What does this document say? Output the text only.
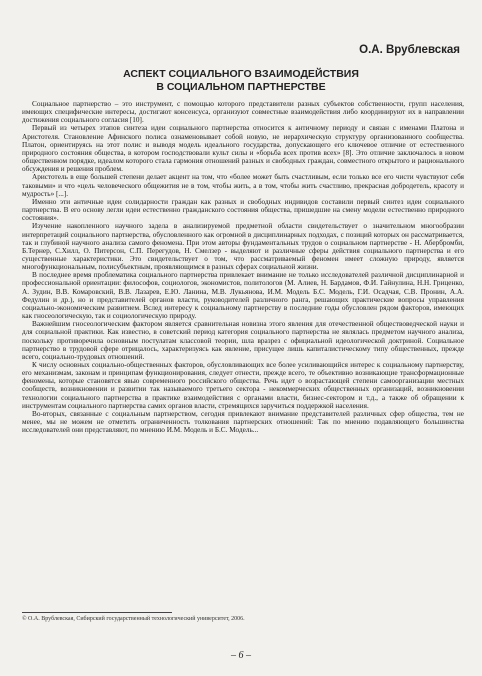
О.А. Врублевская
АСПЕКТ СОЦИАЛЬНОГО ВЗАИМОДЕЙСТВИЯ
В СОЦИАЛЬНОМ ПАРТНЕРСТВЕ

Социальное партнерство – это инструмент, с помощью которого представители разных субъектов собственности, групп населения, имеющих специфические интересы, достигают консенсуса, организуют совместные взаимодействия либо координируют их в направлении достижения социального согласия [10].

Первый из четырех этапов синтеза идеи социального партнерства относится к античному периоду и связан с именами Платона и Аристотеля. Становление Афинского полиса ознаменовывает собой новую, не иерархическую структуру организованного сообщества. Платон, ориентируясь на этот полис и выводя модель идеального государства, допускающего его ключевое отличие от естественного природного состояния общества, в котором господствовали культ силы и «борьба всех против всех» [8]. Это отличие заключалось в новом общественном порядке, идеалом которого стала гармония отношений разных и свободных граждан, совместного открытого и рационального обсуждения и решения проблем.

Аристотель в еще большей степени делает акцент на том, что «более может быть счастливым, если только все его чисти чувствуют себя таковыми» и что «цель человеческого общежития не в том, чтобы жить, а в том, чтобы жить счастливо, прекрасная добродетель, красоту и мудрость» [...].

Именно эти античные идеи солидарности граждан как разных и свободных индивидов составили первый синтез идеи социального партнерства. В его основу легли идеи естественно гражданского состояния общества, пришедшие на смену модели естественно природного состояния».

Изучение накопленного научного задела в анализируемой предметной области свидетельствует о значительном многообразии интерпретаций социального партнерства, обусловленного как огромной в дисциплинарных подходах, с позиций которых он рассматривается, так и глубиной научного анализа самого феномена. При этом авторы фундаментальных трудов о социальном партнерстве - Н. Абербромби, Б.Тернер, С.Хилл, О. Питерсон, С.П. Перегудов, Н. Смелзер - выделяют и различные сферы действия социального партнерства и его существенные характеристики. Это свидетельствует о том, что рассматриваемый феномен имеет сложную природу, является многофункциональным, полисубъектным, проявляющимся в разных сферах социальной жизни.

В последнее время проблематика социального партнерства привлекает внимание не только исследователей различной дисциплинарной и профессиональной ориентации: философов, социологов, экономистов, политологов (М. Алиев, Н. Бардамов, Ф.И. Гайнулина, Н.Н. Гриценко, А. Зудин, В.В. Комаровский, В.В. Лазарев, Е.Ю. Ланина, М.В. Лукьянова, И.М. Модель Б.С. Модель, Г.И. Осадчая, С.В. Пронин, А.А. Федулин и др.), но и представителей органов власти, руководителей различного ранга, решающих практические вопросы управления социально-экономическим развитием. Вслед интересу к социальному партнерству в последние годы обусловлен рядом факторов, имеющих как гносеологическую, так и социологическую природу.

Важнейшим гносеологическим фактором является сравнительная новизна этого явления для отечественной обществоведческой науки и для социальной практики. Как известно, в советский период категория социального партнерства не являлась предметом научного анализа, поскольку противоречила основным постулатам классовой теории, шла вразрез с официальной идеологической доктриной. Социальное партнерство в трудовой сфере отрицалось, характеризуясь как явление, присущее лишь капиталистическому типу общественных, прежде всего, социально-трудовых отношений.

К числу основных социально-общественных факторов, обусловливающих все более усиливающийся интерес к социальному партнерству, его механизмам, законам и принципам функционирования, следует отнести, прежде всего, те объективно возникающие трансформационные феномены, которые становятся явью современного российского общества. Речь идет о возрастающей степени самоорганизации местных сообществ, возникновении и развитии так называемого третьего сектора - некоммерческих общественных организаций, возникновении технологии социального партнерства в практике взаимодействия с органами власти, бизнес-сектором и т.д., а также об обращении к инструментам социального партнерства самих органов власти, стремящихся заручиться поддержкой населения.

Во-вторых, связанные с социальным партнерством, сегодня привлекают внимание представителей различных сфер общества, тем не менее, мы не можем не отметить ограниченность толкования партнерских отношений: Так по мнению подавляющего большинства исследователей они представляют, по мнению И.М. Модель и Б.С. Модель...

© О.А. Врублевская, Сибирский государственный технологический университет, 2006.
– 6 –
